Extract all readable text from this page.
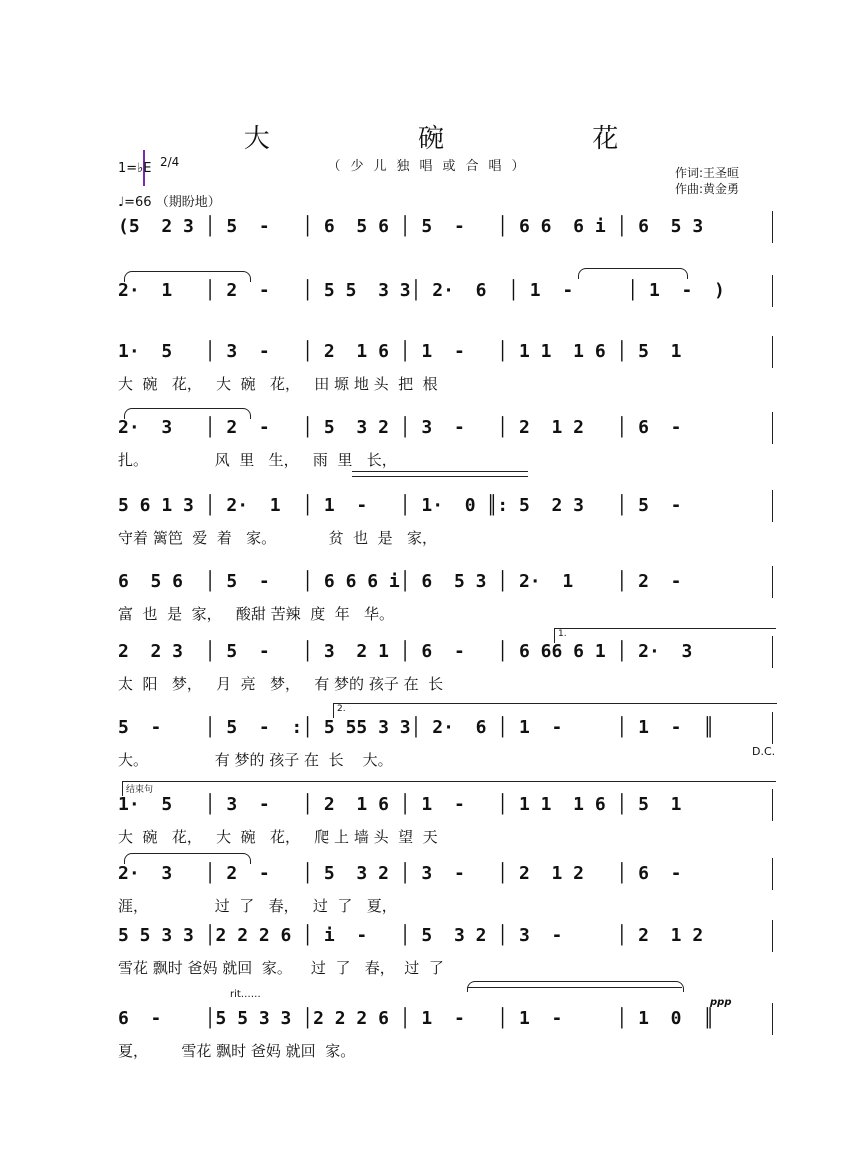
大 碗 花
（少儿独唱或合唱）
1=♭E 2/4
♩=66 （期盼地）
作词:王圣晅
作曲:黄金勇
(5  2 3 │ 5  -   │ 6  5 6 │ 5  -   │ 6 6  6 i │ 6  5 3
2·  1   │ 2  -   │ 5 5  3 3│ 2·  6  │ 1  -     │ 1  -  )
1·  5   │ 3  -   │ 2  1 6 │ 1  -   │ 1 1  1 6 │ 5  1
大  碗   花，   大  碗   花，   田 塬 地 头  把  根
2·  3   │ 2  -   │ 5  3 2 │ 3  -   │ 2  1 2   │ 6  -
扎。              风  里   生，   雨  里   长，
5 6 1 3 │ 2·  1  │ 1  -   │ 1·  0 ║: 5  2 3   │ 5  -
守着 篱笆  爱  着   家。           贫  也  是   家，
6  5 6  │ 5  -   │ 6 6 6 i│ 6  5 3 │ 2·  1    │ 2  -
富  也  是  家，   酸甜 苦辣  度  年   华。
2  2 3  │ 5  -   │ 3  2 1 │ 6  -   │ 6 66 6 1 │ 2·  3
太  阳   梦，   月  亮   梦，   有 梦的 孩子 在  长
5  -    │ 5  -  :│ 5 55 3 3│ 2·  6 │ 1  -     │ 1  -  ║
大。              有 梦的 孩子 在  长    大。
1·  5   │ 3  -   │ 2  1 6 │ 1  -   │ 1 1  1 6 │ 5  1
大  碗   花，   大  碗   花，   爬 上 墙 头  望  天
2·  3   │ 2  -   │ 5  3 2 │ 3  -   │ 2  1 2   │ 6  -
涯，              过  了   春，   过  了   夏，
5 5 3 3 │2 2 2 6 │ i  -   │ 5  3 2 │ 3  -     │ 2  1 2
雪花 飘时 爸妈 就回  家。    过  了   春，  过  了
6  -    │5 5 3 3 │2 2 2 6 │ 1  -   │ 1  -     │ 1  0  ║
夏，       雪花 飘时 爸妈 就回  家。
1.
2.
D.C.
结束句
rit……
ppp
